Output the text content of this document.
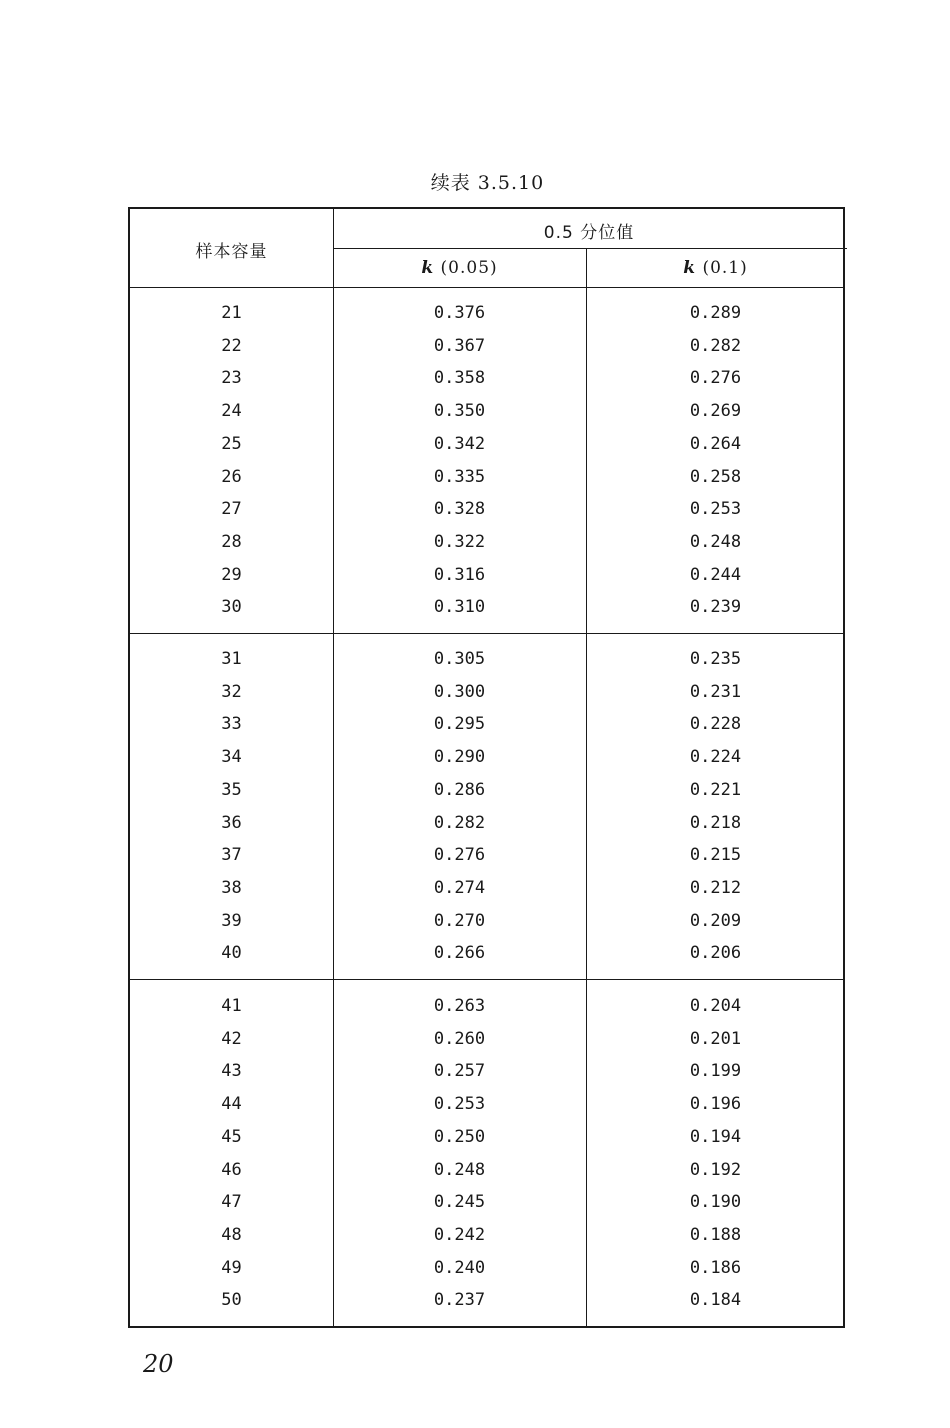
续表 3.5.10
样本容量
0.5 分位值
k (0.05)	k (0.1)
21	0.376	0.289
22	0.367	0.282
23	0.358	0.276
24	0.350	0.269
25	0.342	0.264
26	0.335	0.258
27	0.328	0.253
28	0.322	0.248
29	0.316	0.244
30	0.310	0.239
31	0.305	0.235
32	0.300	0.231
33	0.295	0.228
34	0.290	0.224
35	0.286	0.221
36	0.282	0.218
37	0.276	0.215
38	0.274	0.212
39	0.270	0.209
40	0.266	0.206
41	0.263	0.204
42	0.260	0.201
43	0.257	0.199
44	0.253	0.196
45	0.250	0.194
46	0.248	0.192
47	0.245	0.190
48	0.242	0.188
49	0.240	0.186
50	0.237	0.184
20
